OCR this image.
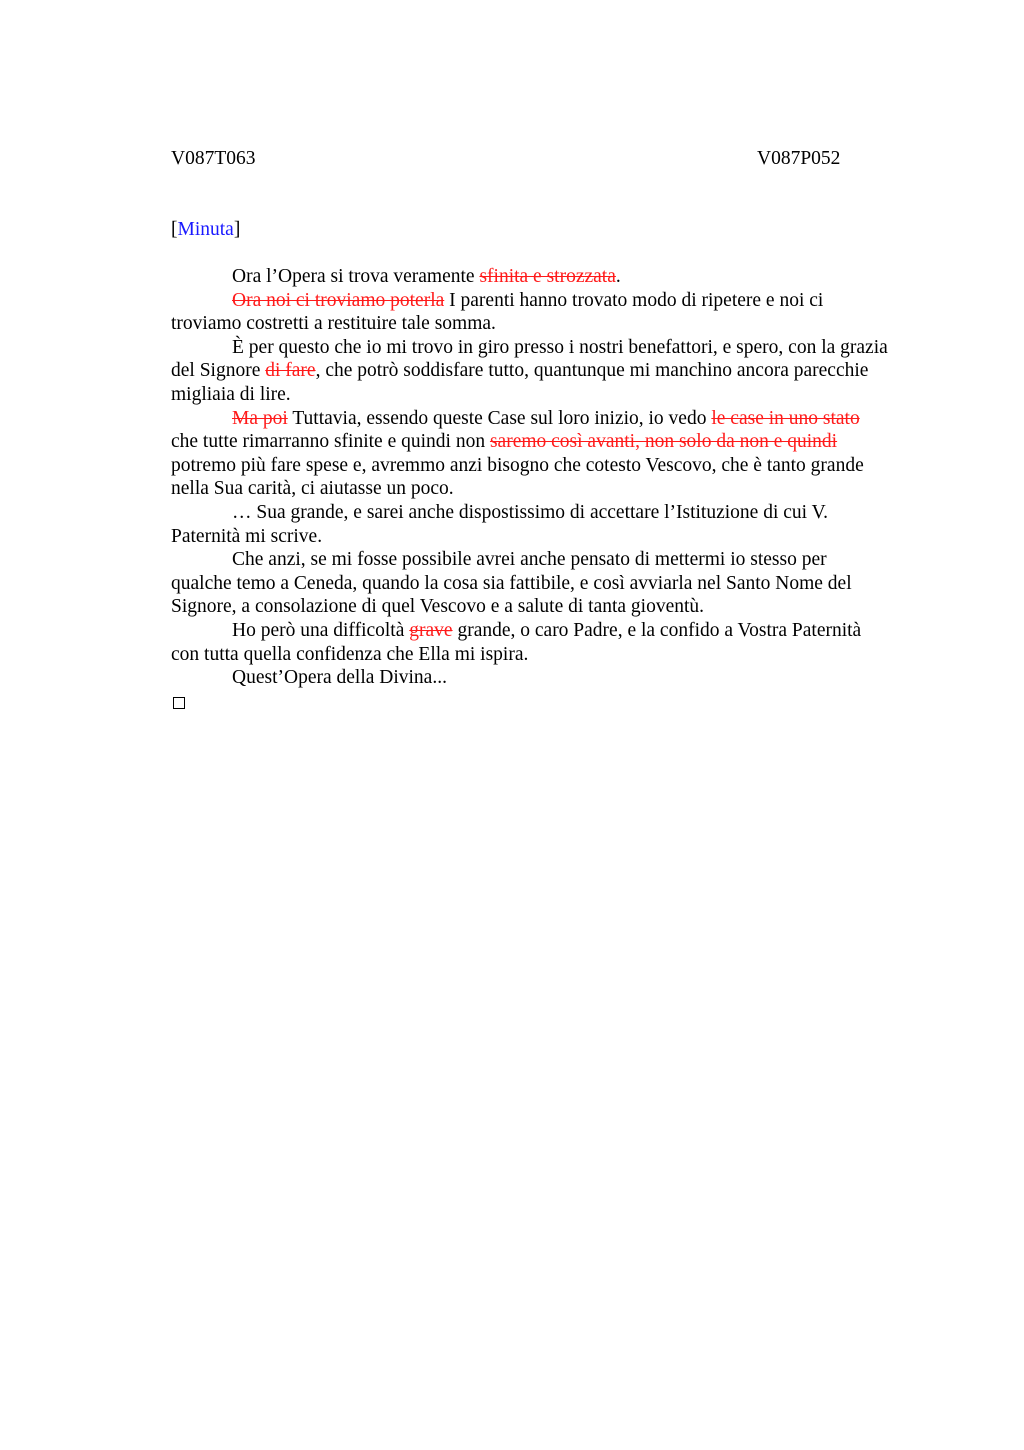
V087T063	V087P052
[Minuta]
Ora l’Opera si trova veramente sfinita e strozzata.
Ora noi ci troviamo poterla I parenti hanno trovato modo di ripetere e noi ci
troviamo costretti a restituire tale somma.
È per questo che io mi trovo in giro presso i nostri benefattori, e spero, con la grazia
del Signore di fare, che potrò soddisfare tutto, quantunque mi manchino ancora parecchie
migliaia di lire.
Ma poi Tuttavia, essendo queste Case sul loro inizio, io vedo le case in uno stato
che tutte rimarranno sfinite e quindi non saremo così avanti, non solo da non e quindi
potremo più fare spese e, avremmo anzi bisogno che cotesto Vescovo, che è tanto grande
nella Sua carità, ci aiutasse un poco.
… Sua grande, e sarei anche dispostissimo di accettare l’Istituzione di cui V.
Paternità mi scrive.
Che anzi, se mi fosse possibile avrei anche pensato di mettermi io stesso per
qualche temo a Ceneda, quando la cosa sia fattibile, e così avviarla nel Santo Nome del
Signore, a consolazione di quel Vescovo e a salute di tanta gioventù.
Ho però una difficoltà grave grande, o caro Padre, e la confido a Vostra Paternità
con tutta quella confidenza che Ella mi ispira.
Quest’Opera della Divina...
